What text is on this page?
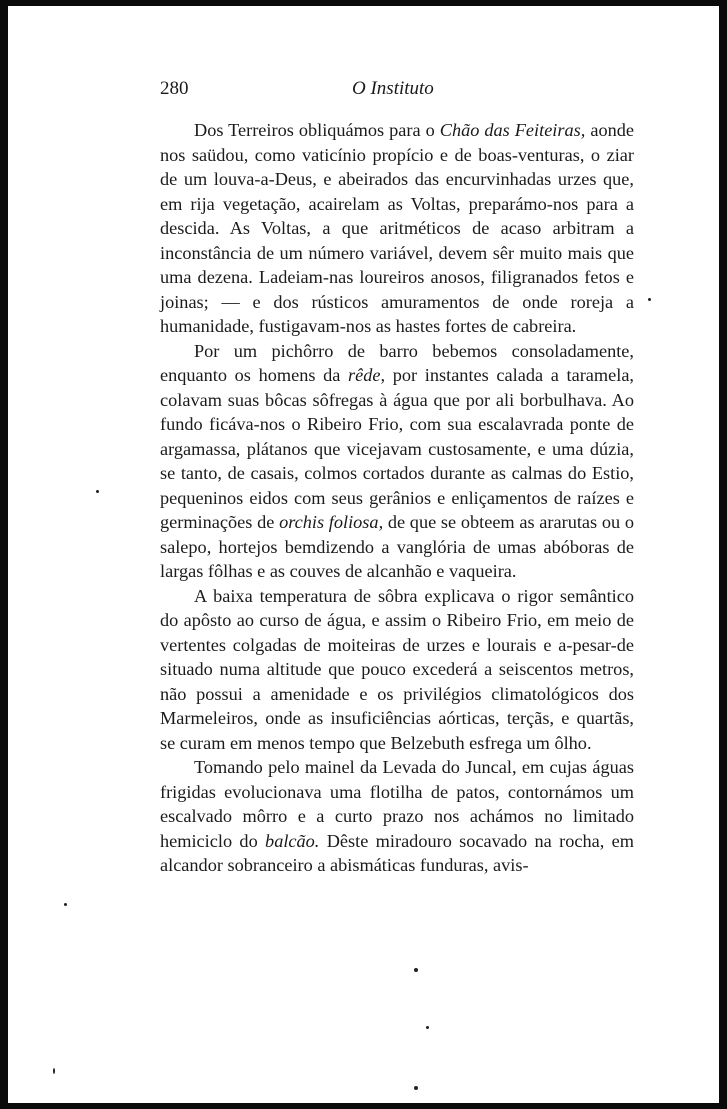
280	O Instituto

Dos Terreiros obliquámos para o Chão das Feiteiras, aonde nos saüdou, como vaticínio propício e de boas-venturas, o ziar de um louva-a-Deus, e abeirados das encurvinhadas urzes que, em rija vegetação, acairelam as Voltas, preparámo-nos para a descida. As Voltas, a que aritméticos de acaso arbitram a inconstância de um número variável, devem sêr muito mais que uma dezena. Ladeiam-nas loureiros anosos, filigranados fetos e joinas; — e dos rústicos amuramentos de onde roreja a humanidade, fustigavam-nos as hastes fortes de cabreira.

Por um pichôrro de barro bebemos consoladamente, enquanto os homens da rêde, por instantes calada a taramela, colavam suas bôcas sôfregas à água que por ali borbulhava. Ao fundo ficáva-nos o Ribeiro Frio, com sua escalavrada ponte de argamassa, plátanos que vicejavam custosamente, e uma dúzia, se tanto, de casais, colmos cortados durante as calmas do Estio, pequeninos eidos com seus gerânios e enliçamentos de raízes e germinações de orchis foliosa, de que se obteem as ararutas ou o salepo, hortejos bemdizendo a vanglória de umas abóboras de largas fôlhas e as couves de alcanhão e vaqueira.

A baixa temperatura de sôbra explicava o rigor semântico do apôsto ao curso de água, e assim o Ribeiro Frio, em meio de vertentes colgadas de moiteiras de urzes e lourais e a-pesar-de situado numa altitude que pouco excederá a seiscentos metros, não possui a amenidade e os privilégios climatológicos dos Marmeleiros, onde as insuficiências aórticas, terçãs, e quartãs, se curam em menos tempo que Belzebuth esfrega um ôlho.

Tomando pelo mainel da Levada do Juncal, em cujas águas frigidas evolucionava uma flotilha de patos, contornámos um escalvado môrro e a curto prazo nos achámos no limitado hemiciclo do balcão. Dêste miradouro socavado na rocha, em alcandor sobranceiro a abismáticas funduras, avis-
